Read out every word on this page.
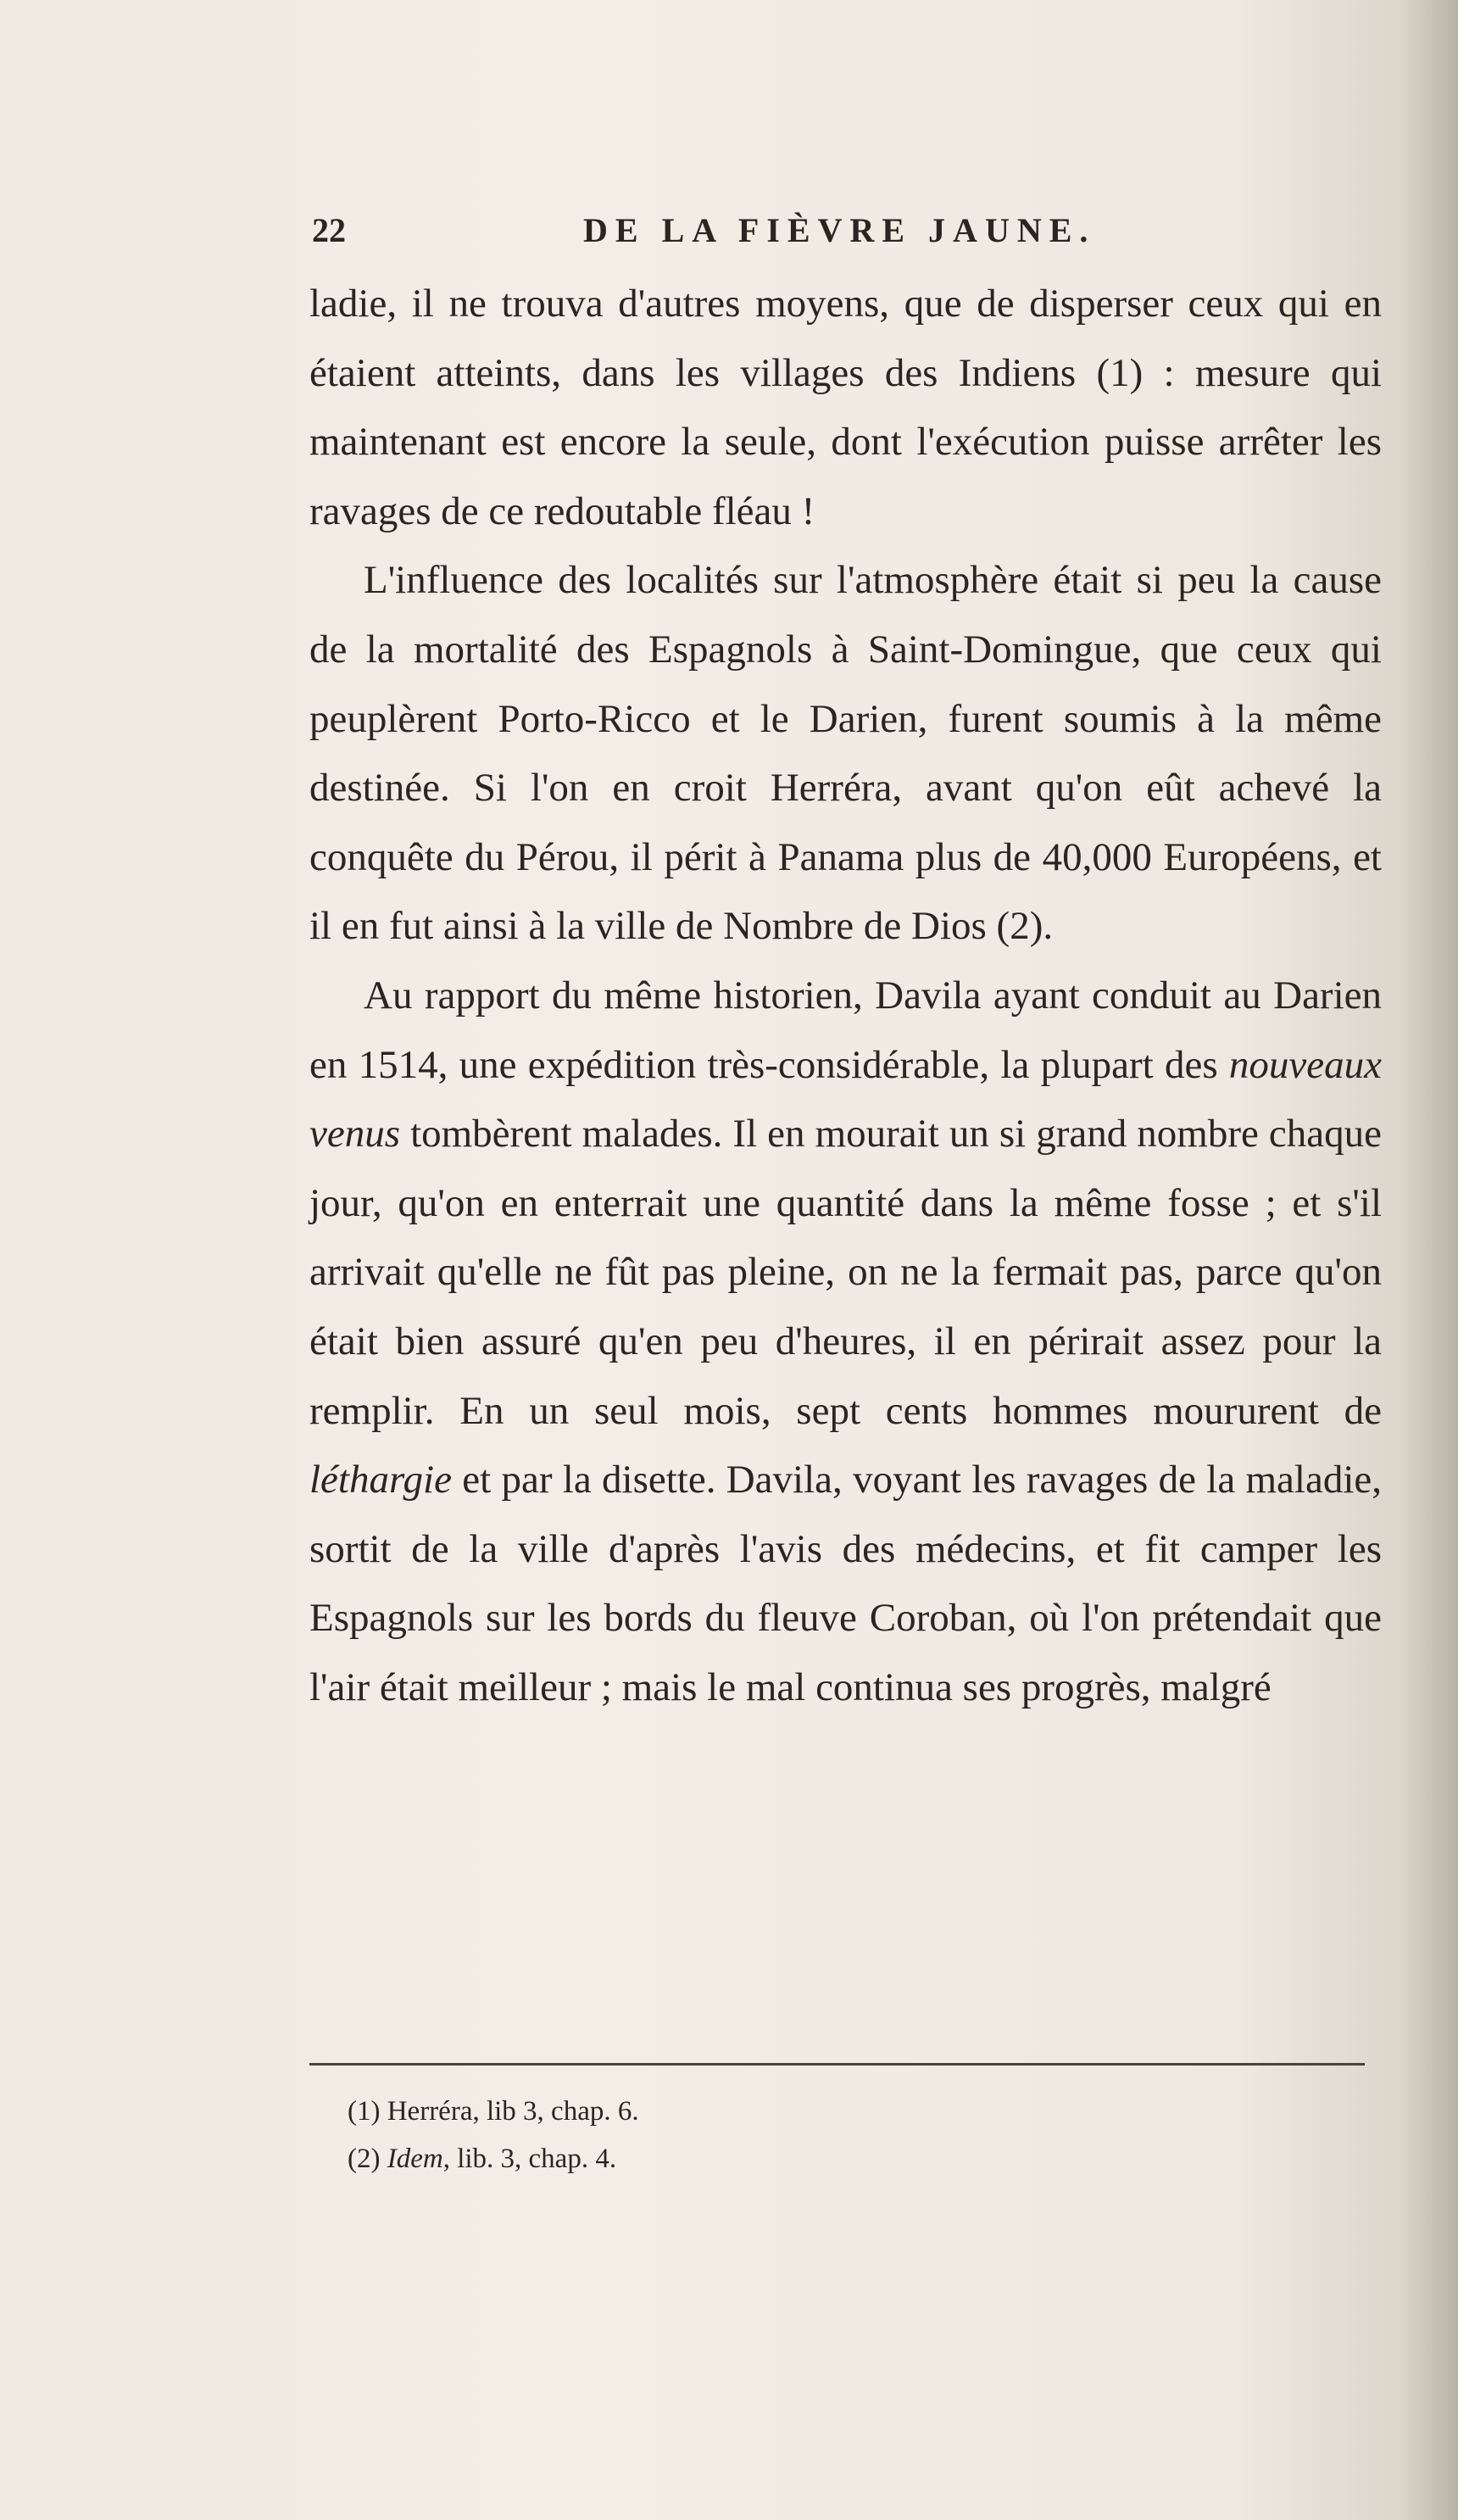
22	DE LA FIÈVRE JAUNE.

ladie, il ne trouva d'autres moyens, que de disperser ceux qui en étaient atteints, dans les villages des Indiens (1) : mesure qui maintenant est encore la seule, dont l'exécution puisse arrêter les ravages de ce redoutable fléau !

L'influence des localités sur l'atmosphère était si peu la cause de la mortalité des Espagnols à Saint-Domingue, que ceux qui peuplèrent Porto-Ricco et le Darien, furent soumis à la même destinée. Si l'on en croit Herréra, avant qu'on eût achevé la conquête du Pérou, il périt à Panama plus de 40,000 Européens, et il en fut ainsi à la ville de Nombre de Dios (2).

Au rapport du même historien, Davila ayant conduit au Darien en 1514, une expédition très-considérable, la plupart des nouveaux venus tombèrent malades. Il en mourait un si grand nombre chaque jour, qu'on en enterrait une quantité dans la même fosse ; et s'il arrivait qu'elle ne fût pas pleine, on ne la fermait pas, parce qu'on était bien assuré qu'en peu d'heures, il en périrait assez pour la remplir. En un seul mois, sept cents hommes moururent de léthargie et par la disette. Davila, voyant les ravages de la maladie, sortit de la ville d'après l'avis des médecins, et fit camper les Espagnols sur les bords du fleuve Coroban, où l'on prétendait que l'air était meilleur ; mais le mal continua ses progrès, malgré

(1) Herréra, lib 3, chap. 6.

(2) Idem, lib. 3, chap. 4.
